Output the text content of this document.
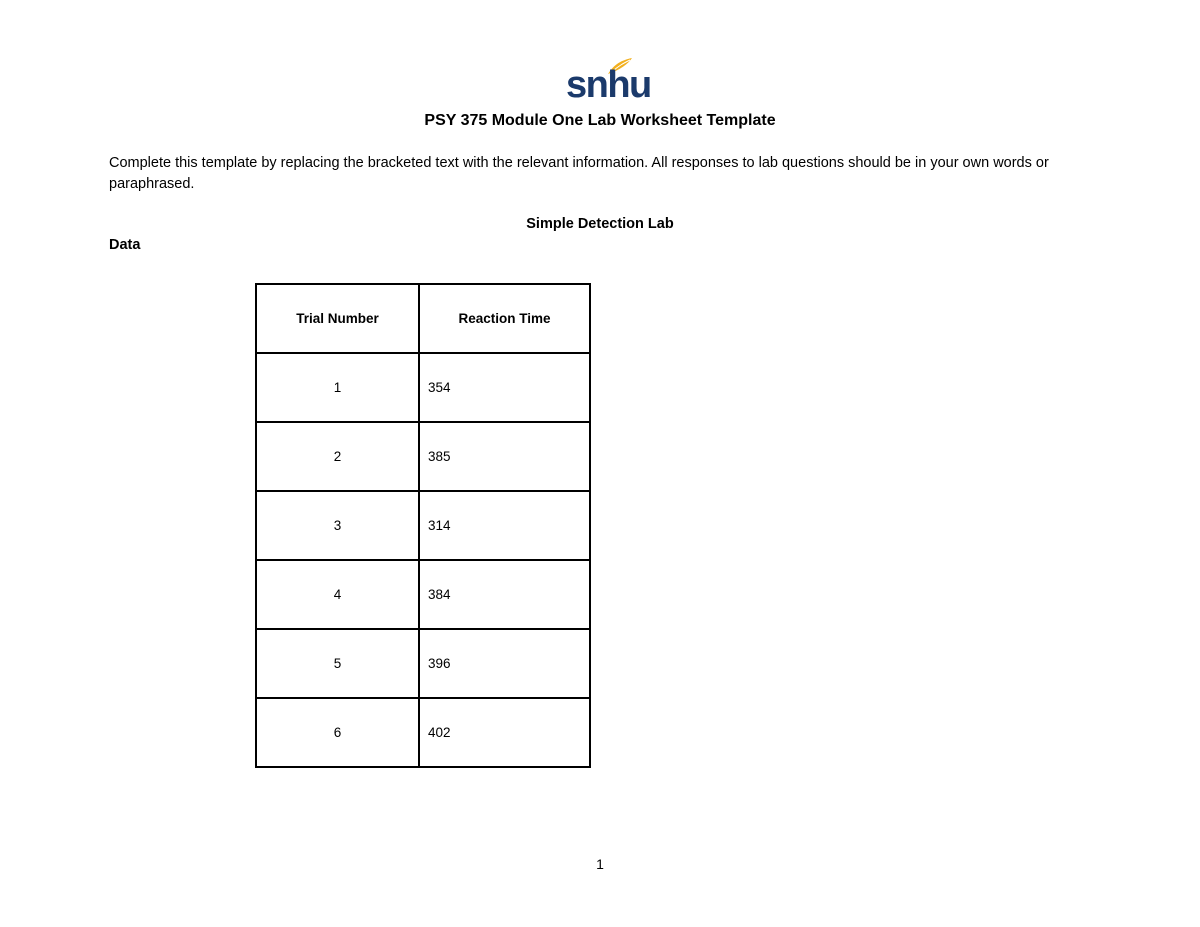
snhu
PSY 375 Module One Lab Worksheet Template
Complete this template by replacing the bracketed text with the relevant information. All responses to lab questions should be in your own words or paraphrased.
Simple Detection Lab
Data
Trial Number	Reaction Time
1	354
2	385
3	314
4	384
5	396
6	402
1
